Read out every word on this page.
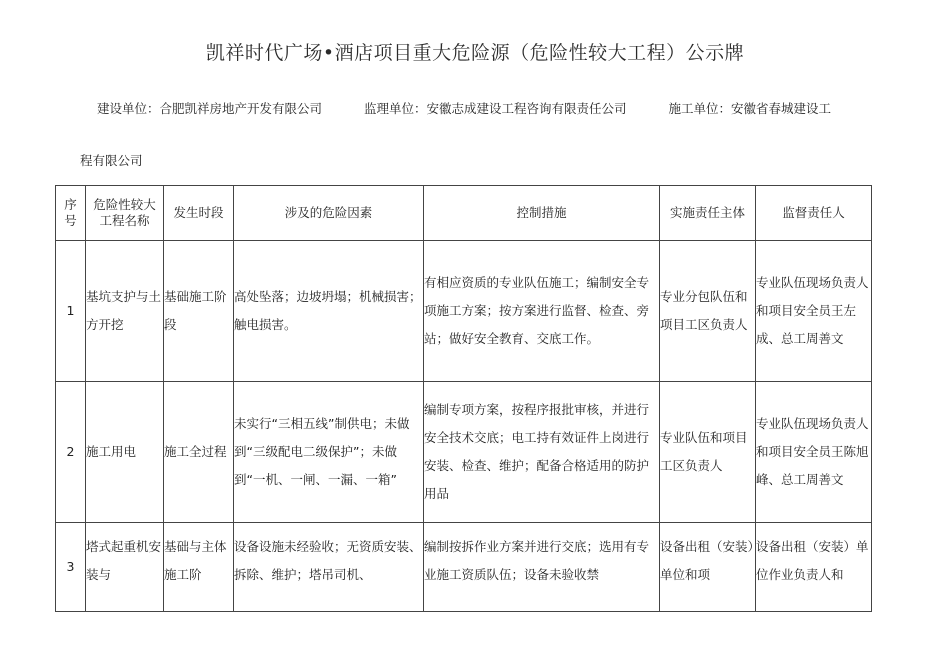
凯祥时代广场•酒店项目重大危险源（危险性较大工程）公示牌
建设单位：合肥凯祥房地产开发有限公司	监理单位：安徽志成建设工程咨询有限责任公司	施工单位：安徽省春城建设工
程有限公司
序号	危险性较大工程名称	发生时段	涉及的危险因素	控制措施	实施责任主体	监督责任人
1	基坑支护与土方开挖	基础施工阶段	高处坠落；边坡坍塌；机械损害；触电损害。	有相应资质的专业队伍施工；编制安全专项施工方案；按方案进行监督、检查、旁站；做好安全教育、交底工作。	专业分包队伍和项目工区负责人	专业队伍现场负责人和项目安全员王左成、总工周善文
2	施工用电	施工全过程	未实行“三相五线”制供电；未做到“三级配电二级保护”；未做到“一机、一闸、一漏、一箱”	编制专项方案，按程序报批审核，并进行安全技术交底；电工持有效证件上岗进行安装、检查、维护；配备合格适用的防护用品	专业队伍和项目工区负责人	专业队伍现场负责人和项目安全员王陈旭峰、总工周善文
3	塔式起重机安装与	基础与主体施工阶	设备设施未经验收；无资质安装、拆除、维护；塔吊司机、	编制按拆作业方案并进行交底；选用有专业施工资质队伍；设备未验收禁	设备出租（安装）单位和项	设备出租（安装）单位作业负责人和
